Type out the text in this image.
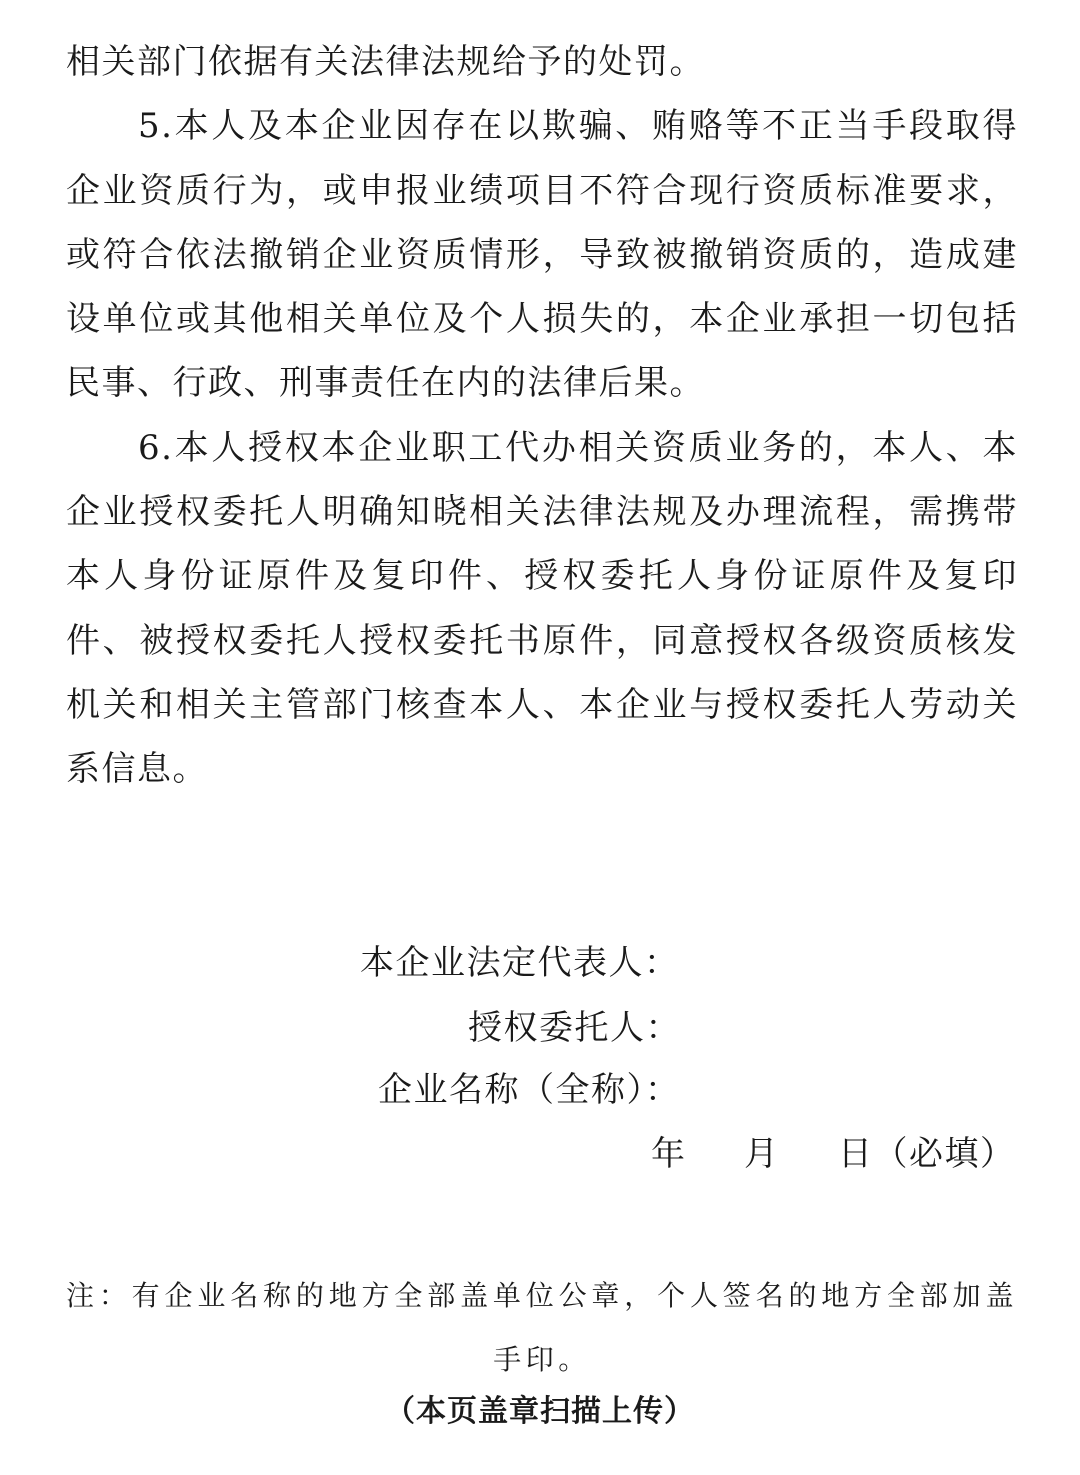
相关部门依据有关法律法规给予的处罚。

5.本人及本企业因存在以欺骗、贿赂等不正当手段取得企业资质行为，或申报业绩项目不符合现行资质标准要求，或符合依法撤销企业资质情形，导致被撤销资质的，造成建设单位或其他相关单位及个人损失的，本企业承担一切包括民事、行政、刑事责任在内的法律后果。

6.本人授权本企业职工代办相关资质业务的，本人、本企业授权委托人明确知晓相关法律法规及办理流程，需携带本人身份证原件及复印件、授权委托人身份证原件及复印件、被授权委托人授权委托书原件，同意授权各级资质核发机关和相关主管部门核查本人、本企业与授权委托人劳动关系信息。

本企业法定代表人：
授权委托人：
企业名称（全称）：
年 月 日（必填）
注：有企业名称的地方全部盖单位公章，个人签名的地方全部加盖手印。
（本页盖章扫描上传）
